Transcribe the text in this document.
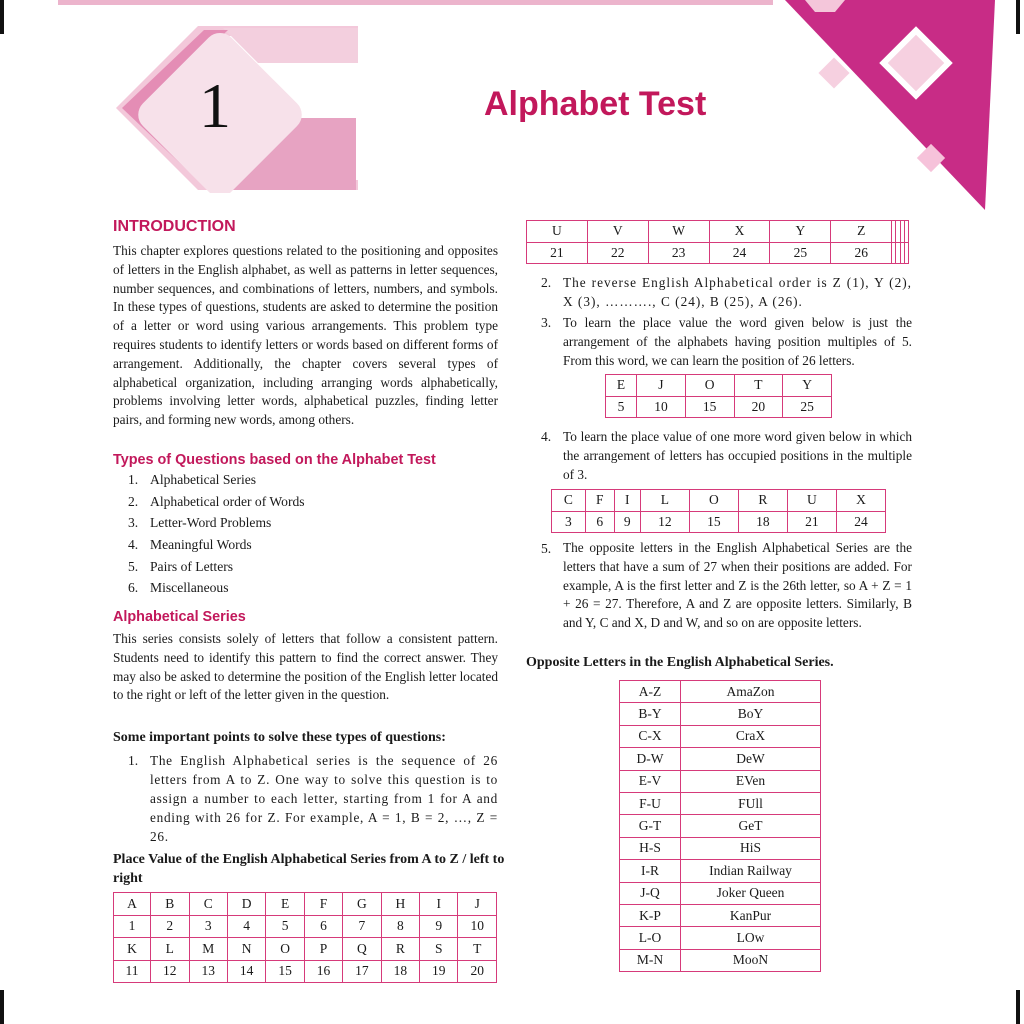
1	Alphabet Test
INTRODUCTION

This chapter explores questions related to the positioning and opposites of letters in the English alphabet, as well as patterns in letter sequences, number sequences, and combinations of letters, numbers, and symbols. In these types of questions, students are asked to determine the position of a letter or word using various arrangements. This problem type requires students to identify letters or words based on different forms of arrangement. Additionally, the chapter covers several types of alphabetical organization, including arranging words alphabetically, problems involving letter words, alphabetical puzzles, finding letter pairs, and forming new words, among others.

Types of Questions based on the Alphabet Test
1. Alphabetical Series
2. Alphabetical order of Words
3. Letter-Word Problems
4. Meaningful Words
5. Pairs of Letters
6. Miscellaneous
Alphabetical Series

This series consists solely of letters that follow a consistent pattern. Students need to identify this pattern to find the correct answer. They may also be asked to determine the position of the English letter located to the right or left of the letter given in the question.

Some important points to solve these types of questions:
1. The English Alphabetical series is the sequence of 26 letters from A to Z. One way to solve this question is to assign a number to each letter, starting from 1 for A and ending with 26 for Z. For example, A = 1, B = 2, …, Z = 26.

Place Value of the English Alphabetical Series from A to Z / left to right
A	B	C	D	E	F	G	H	I	J
1	2	3	4	5	6	7	8	9	10
K	L	M	N	O	P	Q	R	S	T
11	12	13	14	15	16	17	18	19	20
U	V	W	X	Y	Z				
21	22	23	24	25	26				
2. The reverse English Alphabetical order is Z (1), Y (2), X (3), ………., C (24), B (25), A (26).

3. To learn the place value the word given below is just the arrangement of the alphabets having position multiples of 5. From this word, we can learn the position of 26 letters.

E	J	O	T	Y
5	10	15	20	25
4. To learn the place value of one more word given below in which the arrangement of letters has occupied positions in the multiple of 3.

C	F	I	L	O	R	U	X
3	6	9	12	15	18	21	24
5. The opposite letters in the English Alphabetical Series are the letters that have a sum of 27 when their positions are added. For example, A is the first letter and Z is the 26th letter, so A + Z = 1 + 26 = 27. Therefore, A and Z are opposite letters. Similarly, B and Y, C and X, D and W, and so on are opposite letters.

Opposite Letters in the English Alphabetical Series.
A-Z	AmaZon
B-Y	BoY
C-X	CraX
D-W	DeW
E-V	EVen
F-U	FUll
G-T	GeT
H-S	HiS
I-R	Indian Railway
J-Q	Joker Queen
K-P	KanPur
L-O	LOw
M-N	MooN
